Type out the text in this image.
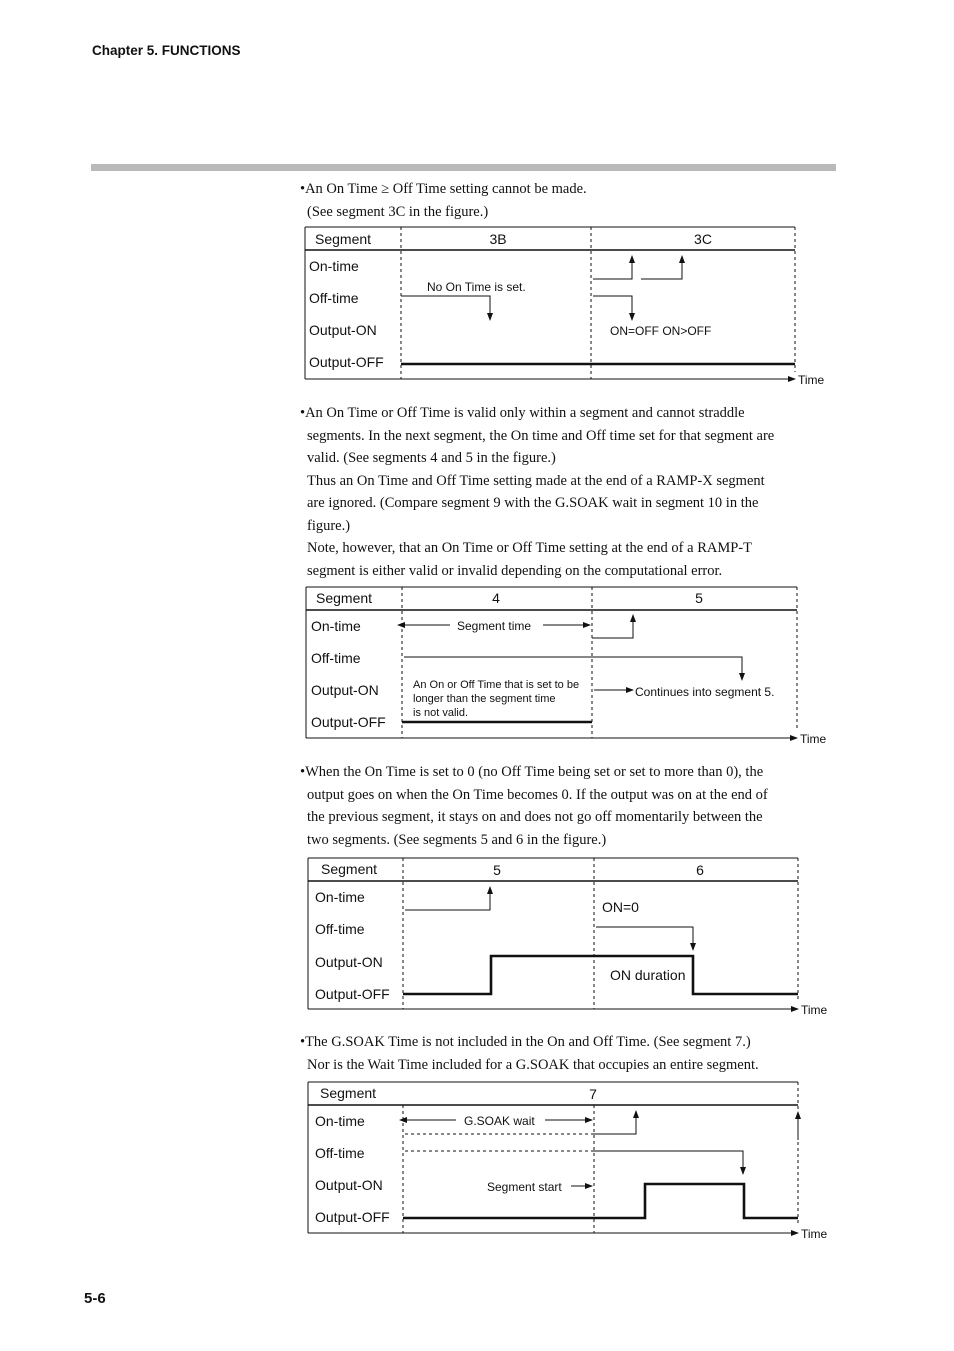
Chapter 5. FUNCTIONS

•An On Time ≥ Off Time setting cannot be made.

(See segment 3C in the figure.)

•An On Time or Off Time is valid only within a segment and cannot straddle

segments. In the next segment, the On time and Off time set for that segment are

valid. (See segments 4 and 5 in the figure.)

Thus an On Time and Off Time setting made at the end of a RAMP-X segment

are ignored. (Compare segment 9 with the G.SOAK wait in segment 10 in the

figure.)

Note, however, that an On Time or Off Time setting at the end of a RAMP-T

segment is either valid or invalid depending on the computational error.

•When the On Time is set to 0 (no Off Time being set or set to more than 0), the

output goes on when the On Time becomes 0. If the output was on at the end of

the previous segment, it stays on and does not go off momentarily between the

two segments. (See segments 5 and 6 in the figure.)

•The G.SOAK Time is not included in the On and Off Time. (See segment 7.)

Nor is the Wait Time included for a G.SOAK that occupies an entire segment.

Segment
On-time
Off-time
Output-ON
Output-OFF
3B	3C
Time
No On Time is set.
ON=OFF ON>OFF
Segment
On-time
Off-time
Output-ON
Output-OFF
4	5
Time
Segment time
An On or Off Time that is set to be
longer than the segment time
is not valid.
Continues into segment 5.
Segment
On-time
Off-time
Output-ON
Output-OFF
5	6
Time
ON=0
ON duration
Segment
On-time
Off-time
Output-ON
Output-OFF
7
Time
G.SOAK wait
Segment start
5-6
